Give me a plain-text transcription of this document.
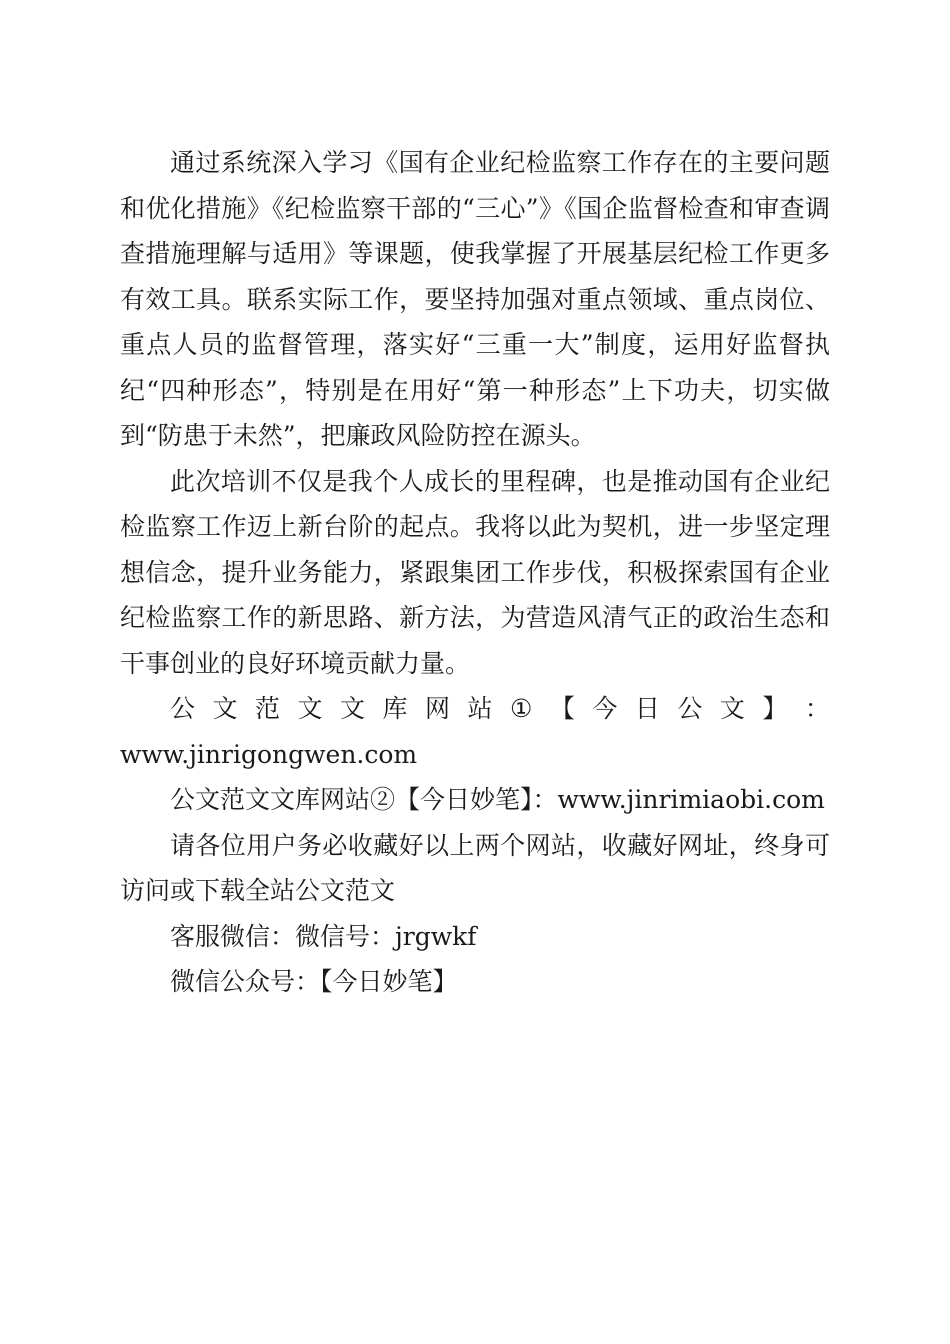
通过系统深入学习《国有企业纪检监察工作存在的主要问题和优化措施》《纪检监察干部的“三心”》《国企监督检查和审查调查措施理解与适用》等课题，使我掌握了开展基层纪检工作更多有效工具。联系实际工作，要坚持加强对重点领域、重点岗位、重点人员的监督管理，落实好“三重一大”制度，运用好监督执纪“四种形态”，特别是在用好“第一种形态”上下功夫，切实做到“防患于未然”，把廉政风险防控在源头。

此次培训不仅是我个人成长的里程碑，也是推动国有企业纪检监察工作迈上新台阶的起点。我将以此为契机，进一步坚定理想信念，提升业务能力，紧跟集团工作步伐，积极探索国有企业纪检监察工作的新思路、新方法，为营造风清气正的政治生态和干事创业的良好环境贡献力量。

公 文 范 文 文 库 网 站 ① 【 今 日 公 文 】 ：

www.jinrigongwen.com

公文范文文库网站②【今日妙笔】：www.jinrimiaobi.com

请各位用户务必收藏好以上两个网站，收藏好网址，终身可访问或下载全站公文范文

客服微信：微信号：jrgwkf

微信公众号：【今日妙笔】
